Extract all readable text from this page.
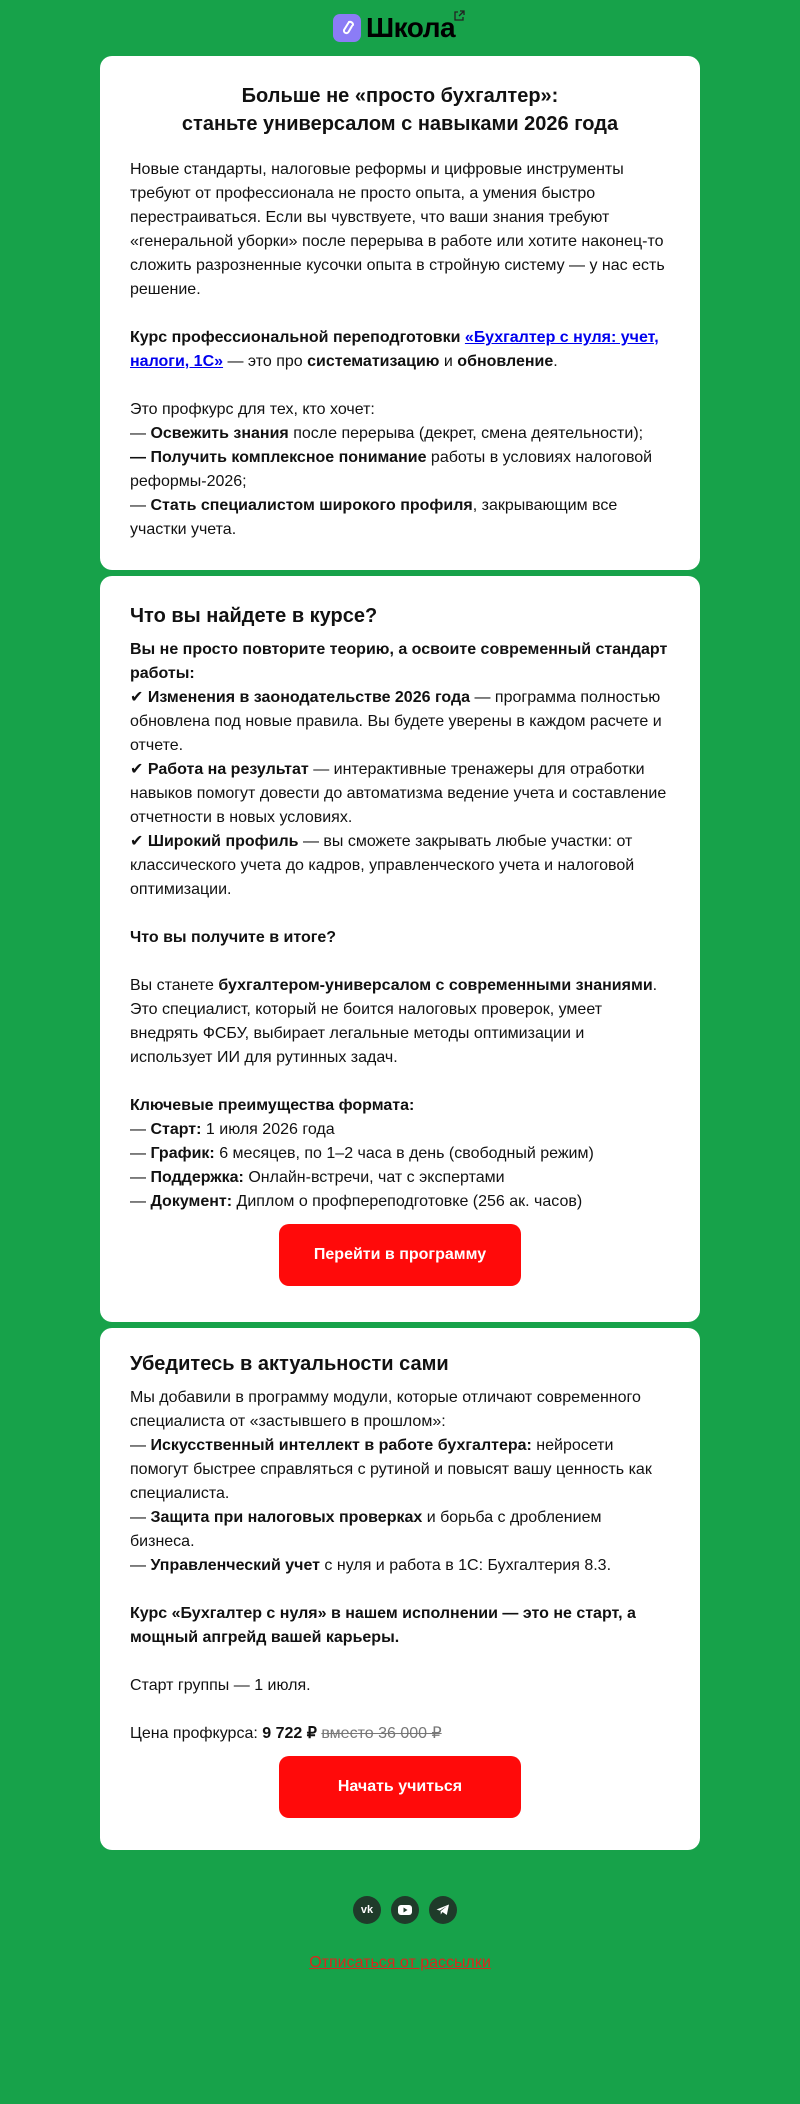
Школа
Больше не «просто бухгалтер»:
станьте универсалом с навыками 2026 года

Новые стандарты, налоговые реформы и цифровые инструменты требуют от профессионала не просто опыта, а умения быстро перестраиваться. Если вы чувствуете, что ваши знания требуют «генеральной уборки» после перерыва в работе или хотите наконец-то сложить разрозненные кусочки опыта в стройную систему — у нас есть решение.

Курс профессиональной переподготовки «Бухгалтер с нуля: учет, налоги, 1С» — это про систематизацию и обновление.

Это профкурс для тех, кто хочет:

— Освежить знания после перерыва (декрет, смена деятельности);

— Получить комплексное понимание работы в условиях налоговой реформы-2026;

— Стать специалистом широкого профиля, закрывающим все участки учета.

Что вы найдете в курсе?

Вы не просто повторите теорию, а освоите современный стандарт работы:

✔ Изменения в заонодательстве 2026 года — программа полностью обновлена под новые правила. Вы будете уверены в каждом расчете и отчете.

✔ Работа на результат — интерактивные тренажеры для отработки навыков помогут довести до автоматизма ведение учета и составление отчетности в новых условиях.

✔ Широкий профиль — вы сможете закрывать любые участки: от классического учета до кадров, управленческого учета и налоговой оптимизации.

Что вы получите в итоге?

Вы станете бухгалтером-универсалом с современными знаниями. Это специалист, который не боится налоговых проверок, умеет внедрять ФСБУ, выбирает легальные методы оптимизации и использует ИИ для рутинных задач.

Ключевые преимущества формата:

— Старт: 1 июля 2026 года

— График: 6 месяцев, по 1–2 часа в день (свободный режим)

— Поддержка: Онлайн-встречи, чат с экспертами

— Документ: Диплом о профпереподготовке (256 ак. часов)

Перейти в программу
Убедитесь в актуальности сами

Мы добавили в программу модули, которые отличают современного специалиста от «застывшего в прошлом»:

— Искусственный интеллект в работе бухгалтера: нейросети помогут быстрее справляться с рутиной и повысят вашу ценность как специалиста.

— Защита при налоговых проверках и борьба с дроблением бизнеса.

— Управленческий учет с нуля и работа в 1С: Бухгалтерия 8.3.

Курс «Бухгалтер с нуля» в нашем исполнении — это не старт, а мощный апгрейд вашей карьеры.

Старт группы — 1 июля.

Цена профкурса: 9 722 ₽ вместо 36 000 ₽

Начать учиться
vk
Отписаться от рассылки
